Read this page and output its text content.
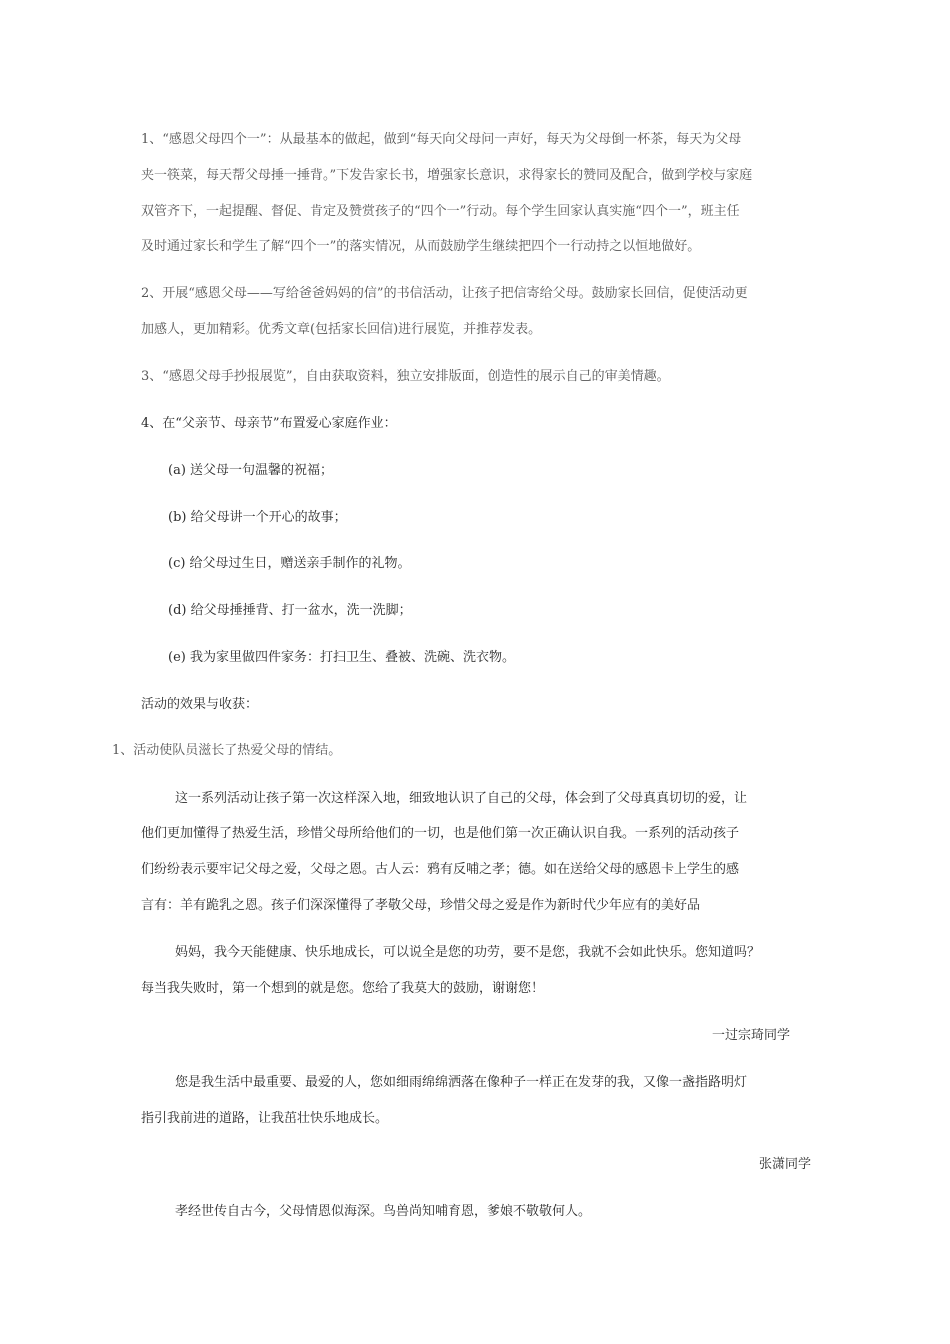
1、“感恩父母四个一”：从最基本的做起，做到“每天向父母问一声好，每天为父母倒一杯茶，每天为父母
夹一筷菜，每天帮父母捶一捶背。”下发告家长书，增强家长意识，求得家长的赞同及配合，做到学校与家庭
双管齐下，一起提醒、督促、肯定及赞赏孩子的“四个一”行动。每个学生回家认真实施“四个一”，班主任
及时通过家长和学生了解“四个一”的落实情况，从而鼓励学生继续把四个一行动持之以恒地做好。
2、开展“感恩父母——写给爸爸妈妈的信”的书信活动，让孩子把信寄给父母。鼓励家长回信，促使活动更
加感人，更加精彩。优秀文章(包括家长回信)进行展览，并推荐发表。
3、“感恩父母手抄报展览”，自由获取资料，独立安排版面，创造性的展示自己的审美情趣。
4、在“父亲节、母亲节”布置爱心家庭作业：
(a) 送父母一句温馨的祝福；
(b) 给父母讲一个开心的故事；
(c) 给父母过生日，赠送亲手制作的礼物。
(d) 给父母捶捶背、打一盆水，洗一洗脚；
(e) 我为家里做四件家务：打扫卫生、叠被、洗碗、洗衣物。
活动的效果与收获：
1、活动使队员滋长了热爱父母的情结。
这一系列活动让孩子第一次这样深入地，细致地认识了自己的父母，体会到了父母真真切切的爱，让
他们更加懂得了热爱生活，珍惜父母所给他们的一切，也是他们第一次正确认识自我。一系列的活动孩子
们纷纷表示要牢记父母之爱，父母之恩。古人云：鸦有反哺之孝；德。如在送给父母的感恩卡上学生的感
言有：羊有跪乳之恩。孩子们深深懂得了孝敬父母，珍惜父母之爱是作为新时代少年应有的美好品
妈妈，我今天能健康、快乐地成长，可以说全是您的功劳，要不是您，我就不会如此快乐。您知道吗？
每当我失败时，第一个想到的就是您。您给了我莫大的鼓励，谢谢您！
一过宗琦同学
您是我生活中最重要、最爱的人，您如细雨绵绵洒落在像种子一样正在发芽的我，又像一盏指路明灯
指引我前进的道路，让我茁壮快乐地成长。
张潇同学
孝经世传自古今，父母情恩似海深。鸟兽尚知哺育恩，爹娘不敬敬何人。
